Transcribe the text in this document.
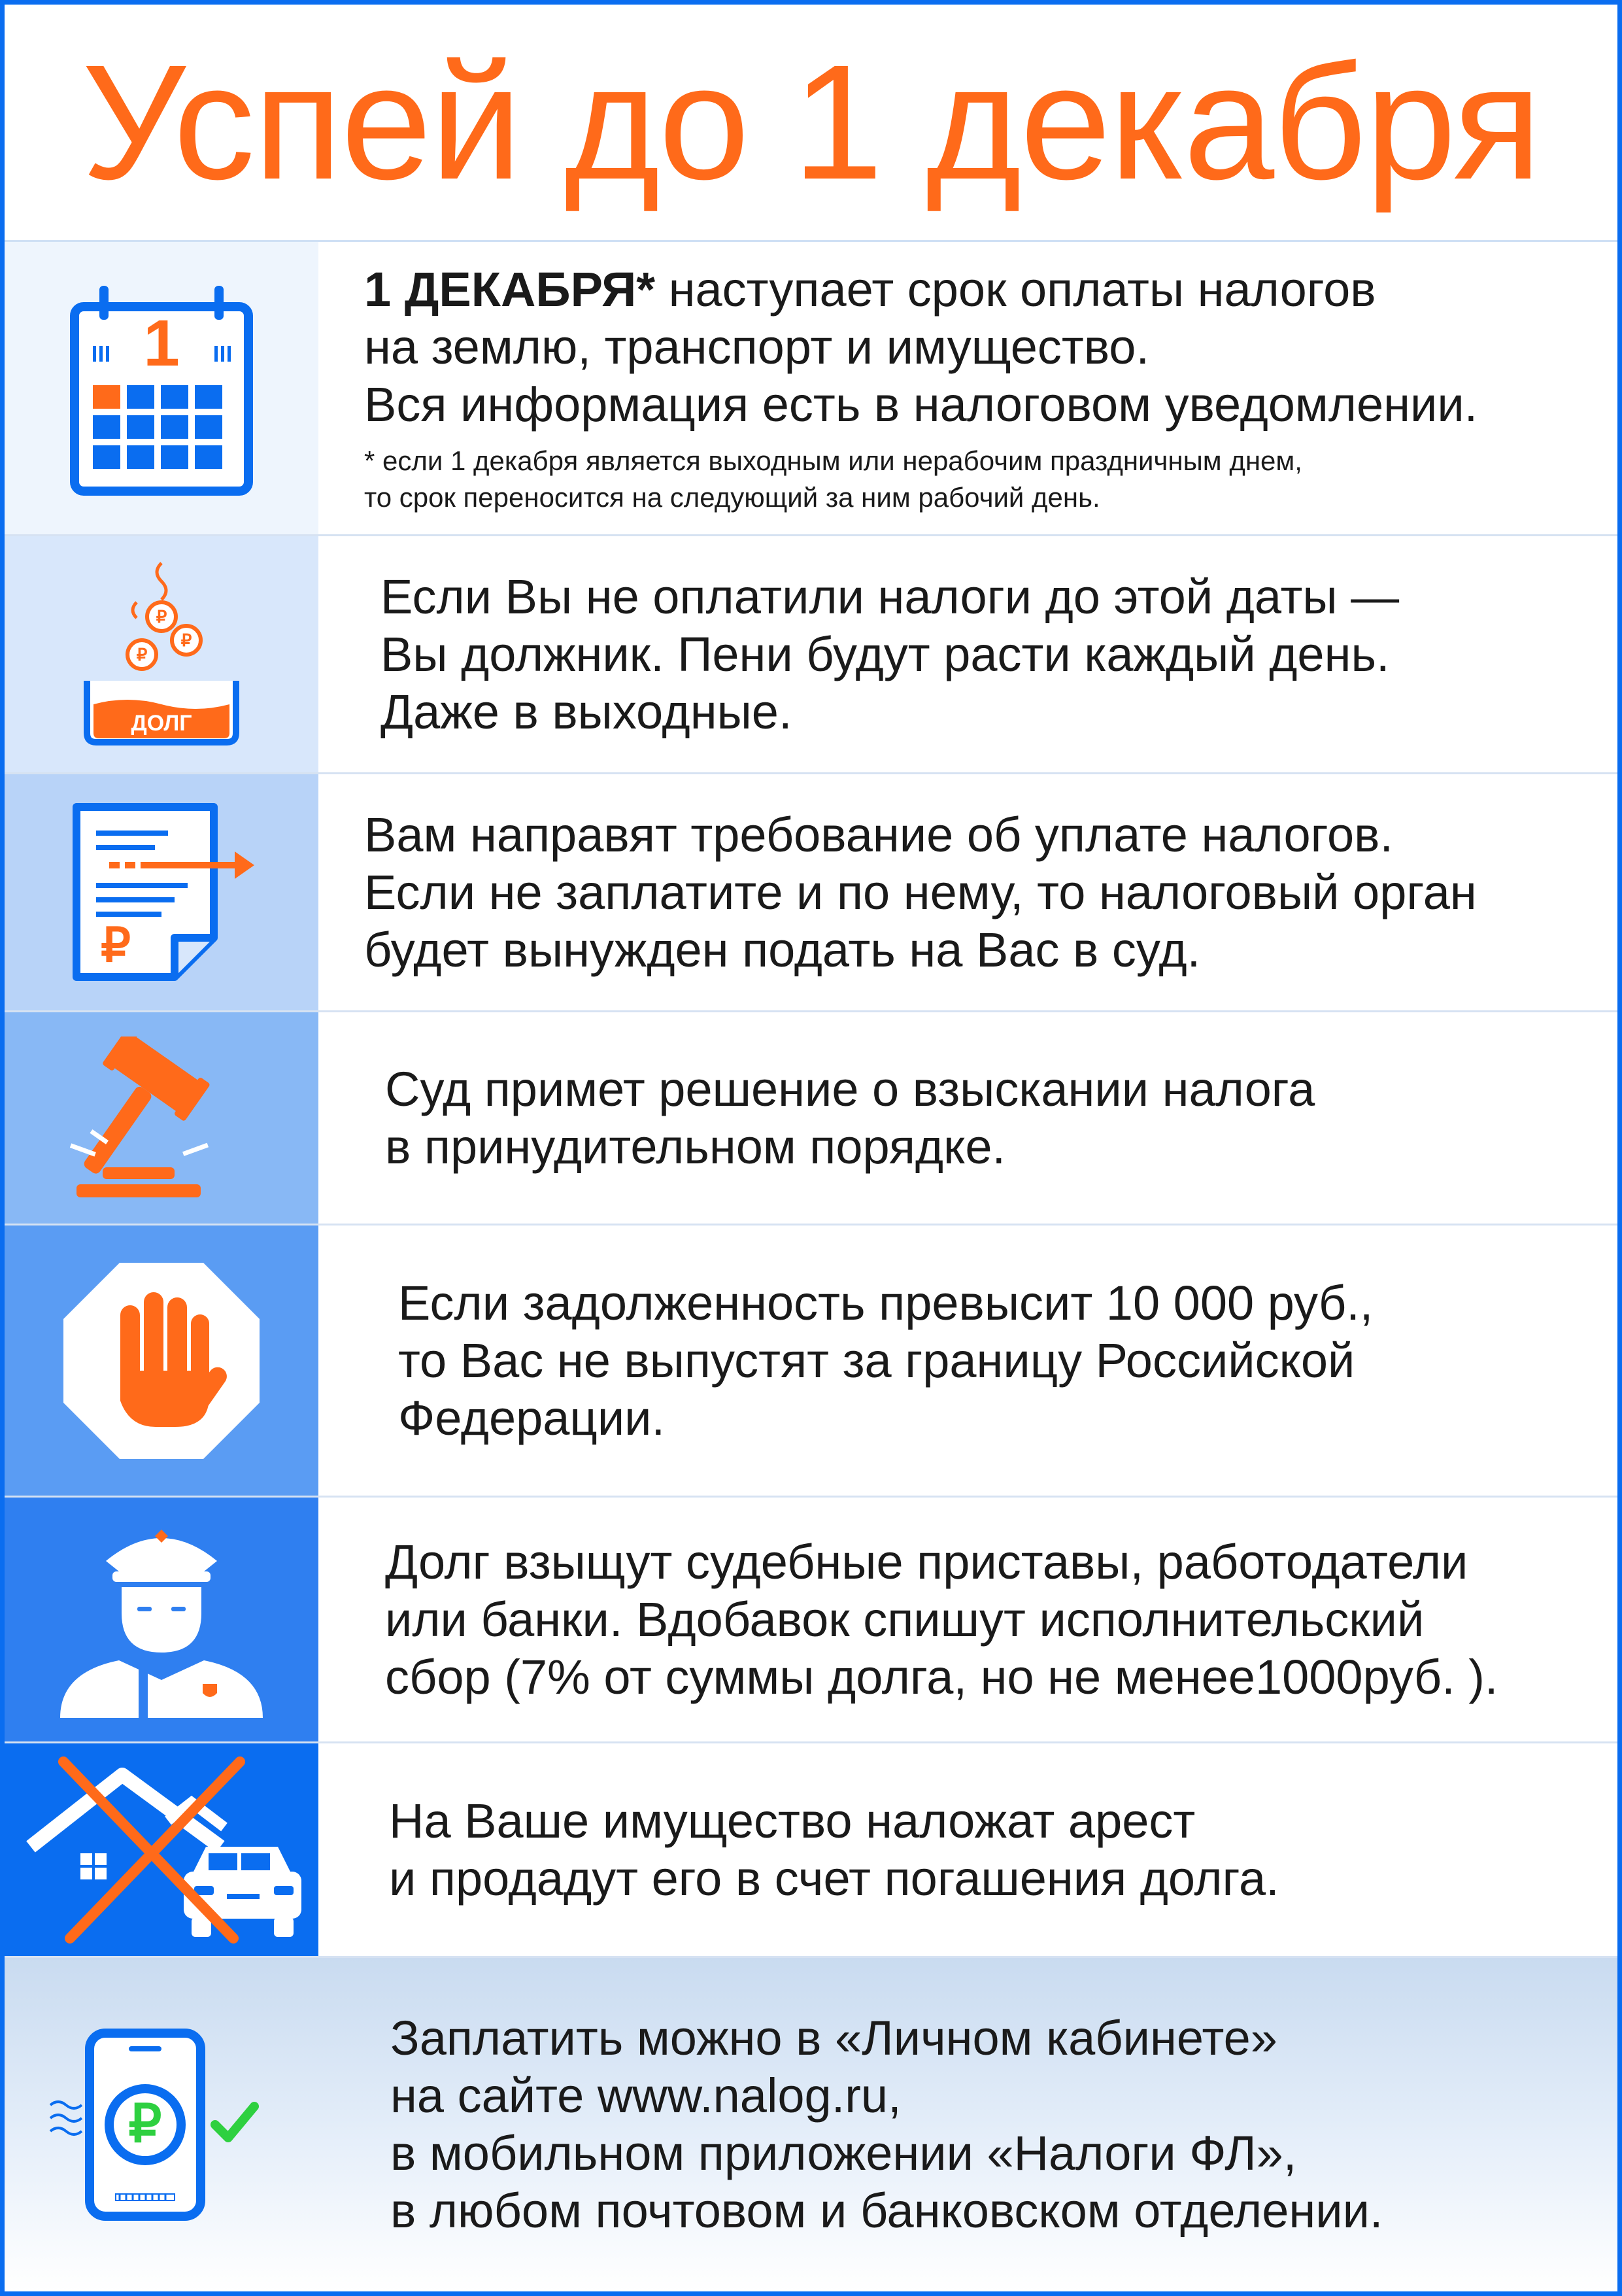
Успей до 1 декабря
1
1 ДЕКАБРЯ* наступает срок оплаты налогов
на землю, транспорт и имущество.
Вся информация есть в налоговом уведомлении.
* если 1 декабря является выходным или нерабочим праздничным днем,
то срок переносится на следующий за ним рабочий день.
₽
₽
₽
ДОЛГ
Если Вы не оплатили налоги до этой даты —
Вы должник. Пени будут расти каждый день.
Даже в выходные.
₽
Вам направят требование об уплате налогов.
Если не заплатите и по нему, то налоговый орган
будет вынужден подать на Вас в суд.
Суд примет решение о взыскании налога
в принудительном порядке.
Если задолженность превысит 10 000 руб.,
то Вас не выпустят за границу Российской
Федерации.
Долг взыщут судебные приставы, работодатели
или банки. Вдобавок спишут исполнительский
сбор (7% от суммы долга, но не менее1000руб. ).
На Ваше имущество наложат арест
и продадут его в счет погашения долга.
₽
Заплатить можно в «Личном кабинете»
на сайте www.nalog.ru,
в мобильном приложении «Налоги ФЛ»,
в любом почтовом и банковском отделении.
